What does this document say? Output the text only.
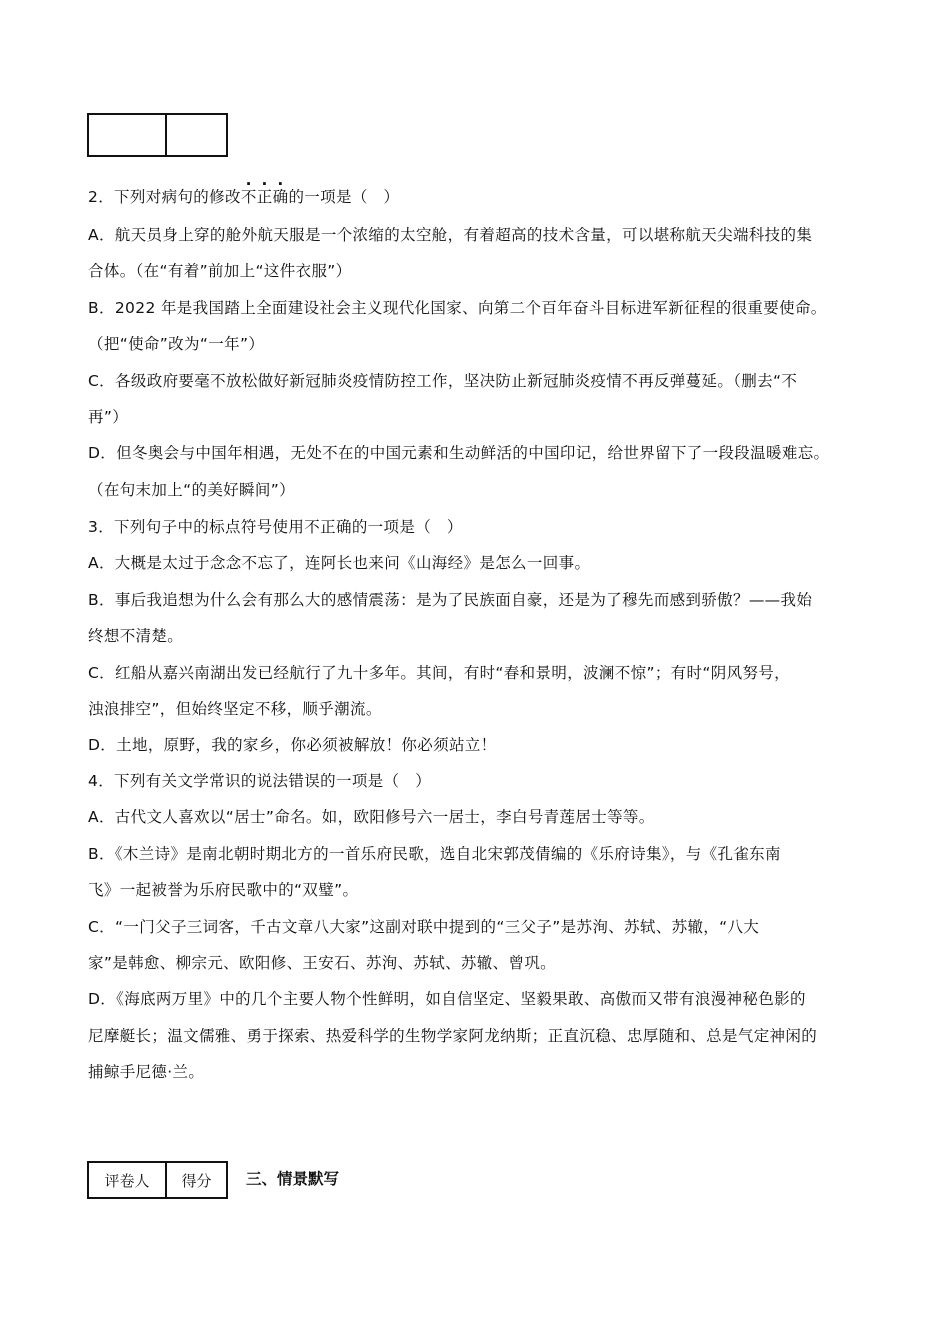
2．下列对病句的修改不正确的一项是（　）
A．航天员身上穿的舱外航天服是一个浓缩的太空舱，有着超高的技术含量，可以堪称航天尖端科技的集
合体。（在“有着”前加上“这件衣服”）
B．2022 年是我国踏上全面建设社会主义现代化国家、向第二个百年奋斗目标进军新征程的很重要使命。
（把“使命”改为“一年”）
C．各级政府要毫不放松做好新冠肺炎疫情防控工作，坚决防止新冠肺炎疫情不再反弹蔓延。（删去“不
再”）
D．但冬奥会与中国年相遇，无处不在的中国元素和生动鲜活的中国印记，给世界留下了一段段温暖难忘。
（在句末加上“的美好瞬间”）
3．下列句子中的标点符号使用不正确的一项是（　）
A．大概是太过于念念不忘了，连阿长也来问《山海经》是怎么一回事。
B．事后我追想为什么会有那么大的感情震荡：是为了民族面自豪，还是为了穆先而感到骄傲？——我始
终想不清楚。
C．红船从嘉兴南湖出发已经航行了九十多年。其间，有时“春和景明，波澜不惊”；有时“阴风努号，
浊浪排空”，但始终坚定不移，顺乎潮流。
D．土地，原野，我的家乡，你必须被解放！你必须站立！
4．下列有关文学常识的说法错误的一项是（　）
A．古代文人喜欢以“居士”命名。如，欧阳修号六一居士，李白号青莲居士等等。
B．《木兰诗》是南北朝时期北方的一首乐府民歌，选自北宋郭茂倩编的《乐府诗集》，与《孔雀东南
飞》一起被誉为乐府民歌中的“双璧”。
C．“一门父子三词客，千古文章八大家”这副对联中提到的“三父子”是苏洵、苏轼、苏辙，“八大
家”是韩愈、柳宗元、欧阳修、王安石、苏洵、苏轼、苏辙、曾巩。
D．《海底两万里》中的几个主要人物个性鲜明，如自信坚定、坚毅果敢、高傲而又带有浪漫神秘色影的
尼摩艇长；温文儒雅、勇于探索、热爱科学的生物学家阿龙纳斯；正直沉稳、忠厚随和、总是气定神闲的
捕鲸手尼德·兰。
评卷人	得分	三、情景默写
